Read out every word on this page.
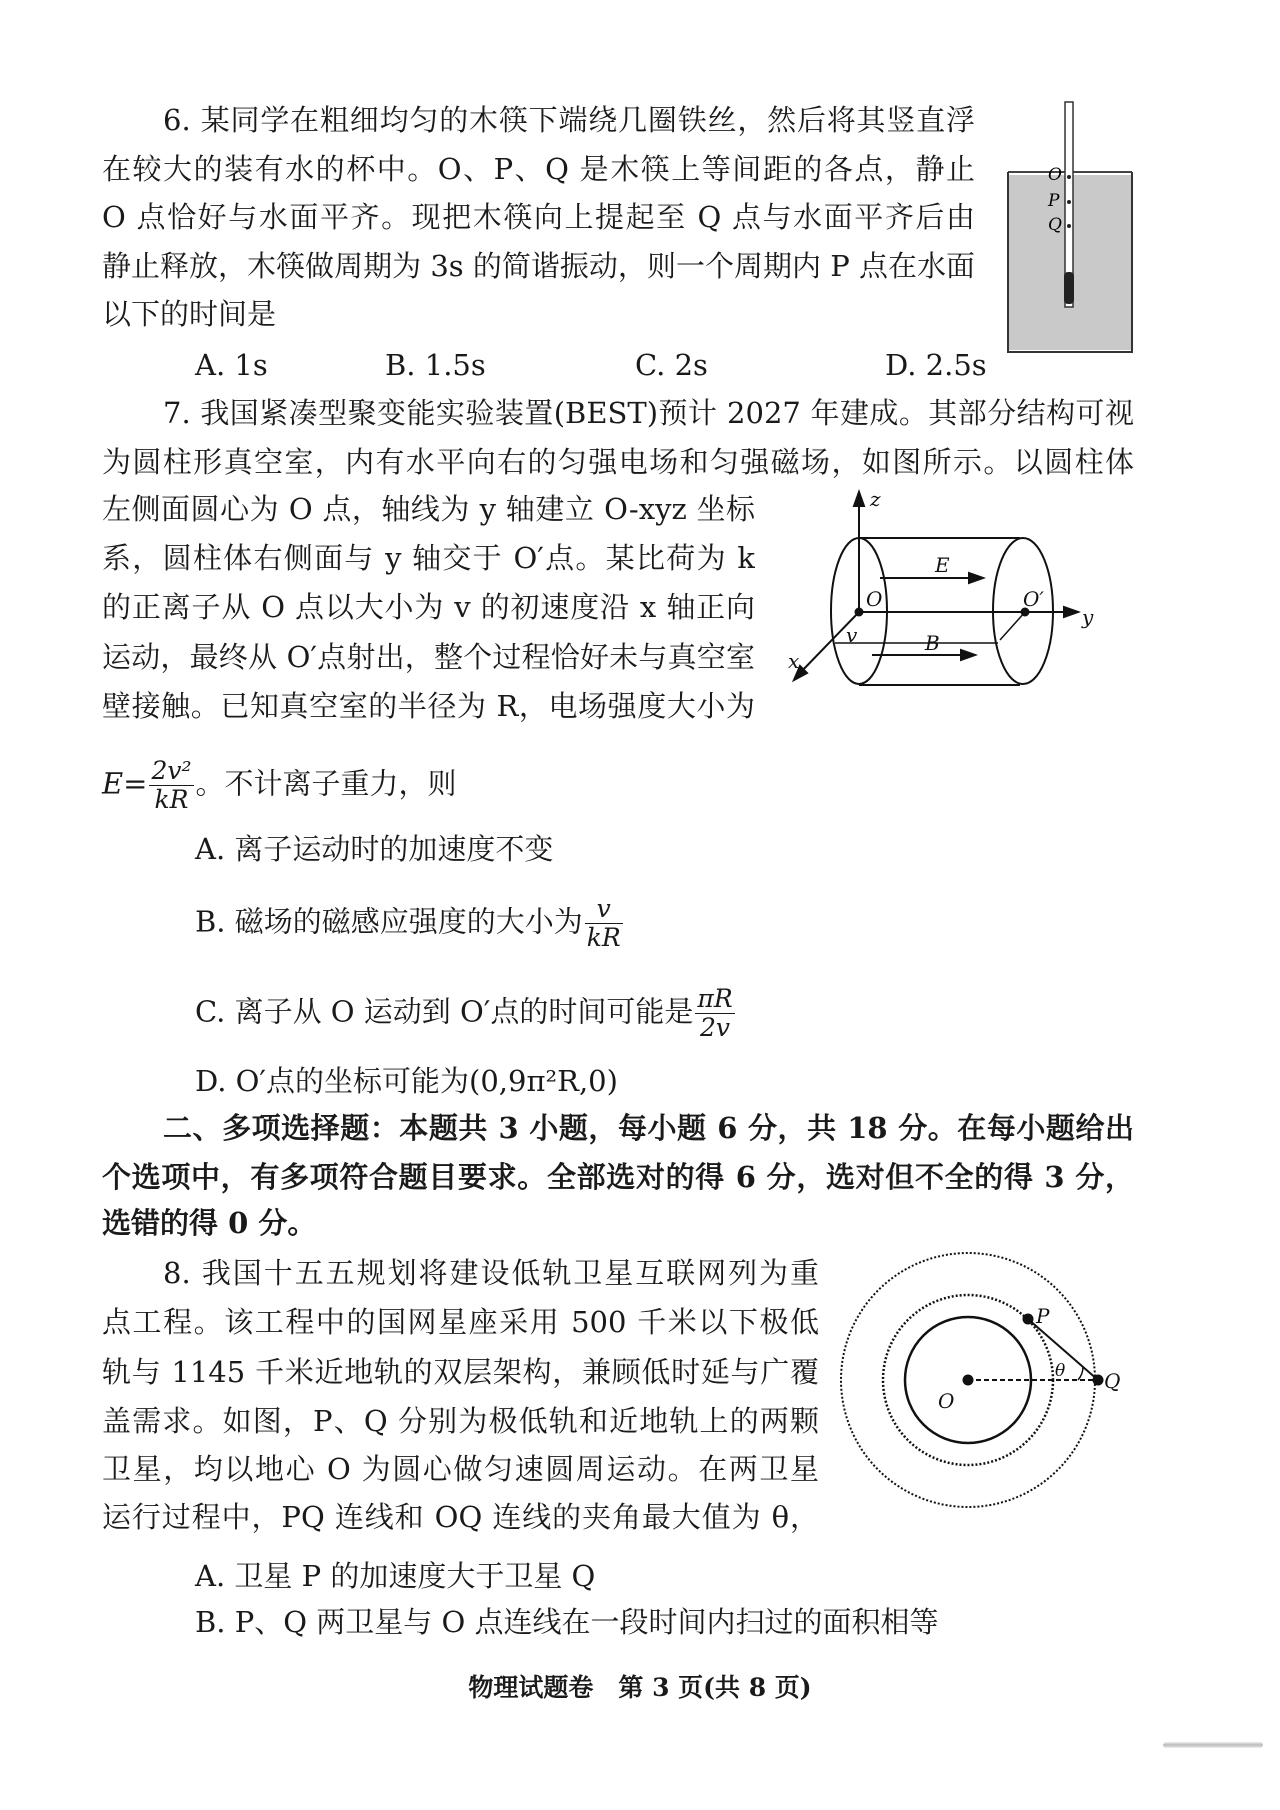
6. 某同学在粗细均匀的木筷下端绕几圈铁丝，然后将其竖直浮
在较大的装有水的杯中。O、P、Q 是木筷上等间距的各点，静止
O 点恰好与水面平齐。现把木筷向上提起至 Q 点与水面平齐后由
静止释放，木筷做周期为 3s 的简谐振动，则一个周期内 P 点在水面
以下的时间是
A. 1s	B. 1.5s	C. 2s	D. 2.5s
O
P
Q
7. 我国紧凑型聚变能实验装置(BEST)预计 2027 年建成。其部分结构可视
为圆柱形真空室，内有水平向右的匀强电场和匀强磁场，如图所示。以圆柱体
左侧面圆心为 O 点，轴线为 y 轴建立 O-xyz 坐标
系，圆柱体右侧面与 y 轴交于 O′点。某比荷为 k
的正离子从 O 点以大小为 v 的初速度沿 x 轴正向
运动，最终从 O′点射出，整个过程恰好未与真空室
壁接触。已知真空室的半径为 R，电场强度大小为
$E= \frac{\text{2v²}}{kR}$ 。不计离子重力，则
A. 离子运动时的加速度不变
B. 磁场的磁感应强度的大小为 $\frac{v}{kR}$
C. 离子从 O 运动到 O′点的时间可能是 $\frac{\pi R}{2v}$
D. O′点的坐标可能为(0,9π²R,0)
z
y
x
O	O′
E
B
v
二、多项选择题：本题共 3 小题，每小题 6 分，共 18 分。在每小题给出
个选项中，有多项符合题目要求。全部选对的得 6 分，选对但不全的得 3 分，
选错的得 0 分。
8. 我国十五五规划将建设低轨卫星互联网列为重
点工程。该工程中的国网星座采用 500 千米以下极低
轨与 1145 千米近地轨的双层架构，兼顾低时延与广覆
盖需求。如图，P、Q 分别为极低轨和近地轨上的两颗
卫星，均以地心 O 为圆心做匀速圆周运动。在两卫星
运行过程中，PQ 连线和 OQ 连线的夹角最大值为 θ，
A. 卫星 P 的加速度大于卫星 Q
B. P、Q 两卫星与 O 点连线在一段时间内扫过的面积相等
O
P
Q
θ
物理试题卷　第 3 页(共 8 页)
